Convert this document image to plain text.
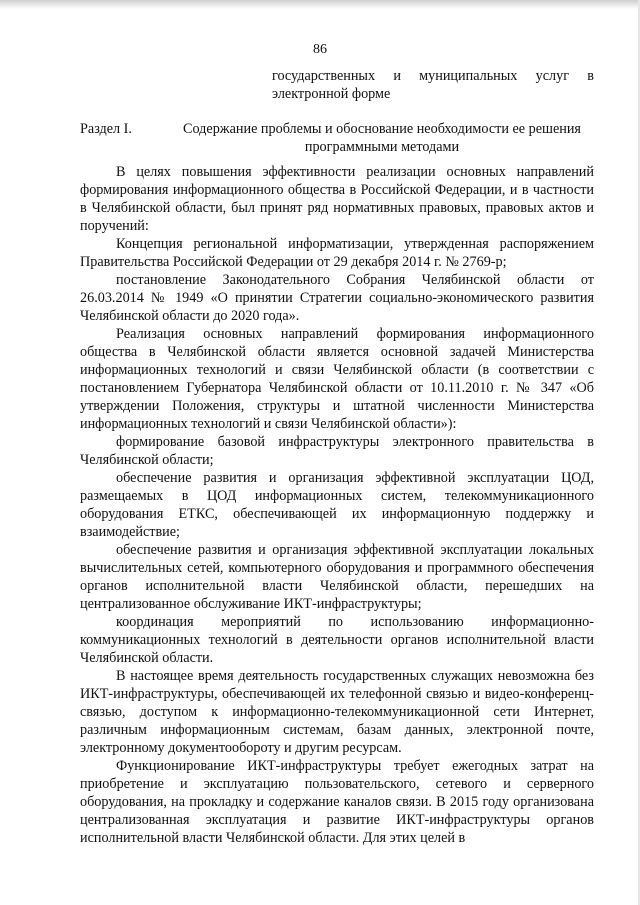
86
государственных и муниципальных услуг в
электронной форме
Раздел I.	Содержание проблемы и обоснование необходимости ее решения программными методами

В целях повышения эффективности реализации основных направлений формирования информационного общества в Российской Федерации, и в частности в Челябинской области, был принят ряд нормативных правовых, правовых актов и поручений:

Концепция региональной информатизации, утвержденная распоряжением Правительства Российской Федерации от 29 декабря 2014 г. № 2769-р;

постановление Законодательного Собрания Челябинской области от 26.03.2014 № 1949 «О принятии Стратегии социально-экономического развития Челябинской области до 2020 года».

Реализация основных направлений формирования информационного общества в Челябинской области является основной задачей Министерства информационных технологий и связи Челябинской области (в соответствии с постановлением Губернатора Челябинской области от 10.11.2010 г. № 347 «Об утверждении Положения, структуры и штатной численности Министерства информационных технологий и связи Челябинской области»):

формирование базовой инфраструктуры электронного правительства в Челябинской области;

обеспечение развития и организация эффективной эксплуатации ЦОД, размещаемых в ЦОД информационных систем, телекоммуникационного оборудования ЕТКС, обеспечивающей их информационную поддержку и взаимодействие;

обеспечение развития и организация эффективной эксплуатации локальных вычислительных сетей, компьютерного оборудования и программного обеспечения органов исполнительной власти Челябинской области, перешедших на централизованное обслуживание ИКТ-инфраструктуры;

координация мероприятий по использованию информационно-коммуникационных технологий в деятельности органов исполнительной власти Челябинской области.

В настоящее время деятельность государственных служащих невозможна без ИКТ-инфраструктуры, обеспечивающей их телефонной связью и видео-конференц-связью, доступом к информационно-телекоммуникационной сети Интернет, различным информационным системам, базам данных, электронной почте, электронному документообороту и другим ресурсам.

Функционирование ИКТ-инфраструктуры требует ежегодных затрат на приобретение и эксплуатацию пользовательского, сетевого и серверного оборудования, на прокладку и содержание каналов связи. В 2015 году организована централизованная эксплуатация и развитие ИКТ-инфраструктуры органов исполнительной власти Челябинской области. Для этих целей в
